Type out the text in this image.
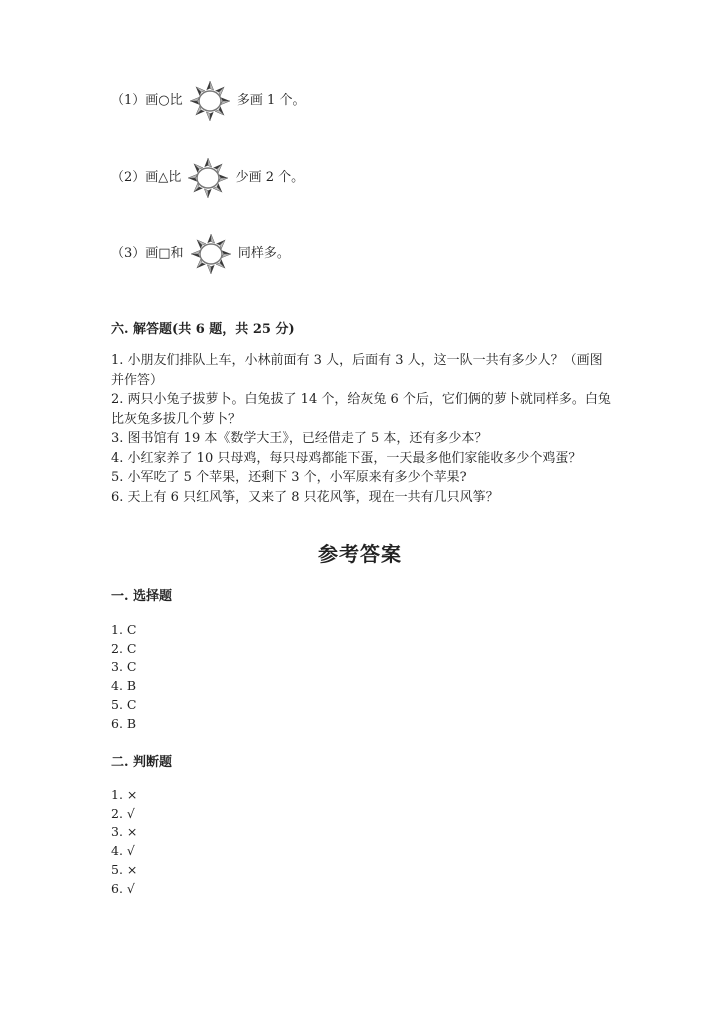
（1）画○比	多画 1 个。
（2）画△比	少画 2 个。
（3）画□和	同样多。
六. 解答题(共 6 题，共 25 分)

1. 小朋友们排队上车，小林前面有 3 人，后面有 3 人，这一队一共有多少人？（画图并作答）

2. 两只小兔子拔萝卜。白兔拔了 14 个，给灰兔 6 个后，它们俩的萝卜就同样多。白兔比灰兔多拔几个萝卜？

3. 图书馆有 19 本《数学大王》，已经借走了 5 本，还有多少本？

4. 小红家养了 10 只母鸡，每只母鸡都能下蛋，一天最多他们家能收多少个鸡蛋？

5. 小军吃了 5 个苹果，还剩下 3 个，小军原来有多少个苹果?

6. 天上有 6 只红风筝，又来了 8 只花风筝，现在一共有几只风筝？

参考答案
一. 选择题
1. C
2. C
3. C
4. B
5. C
6. B
二. 判断题
1. ×
2. √
3. ×
4. √
5. ×
6. √
